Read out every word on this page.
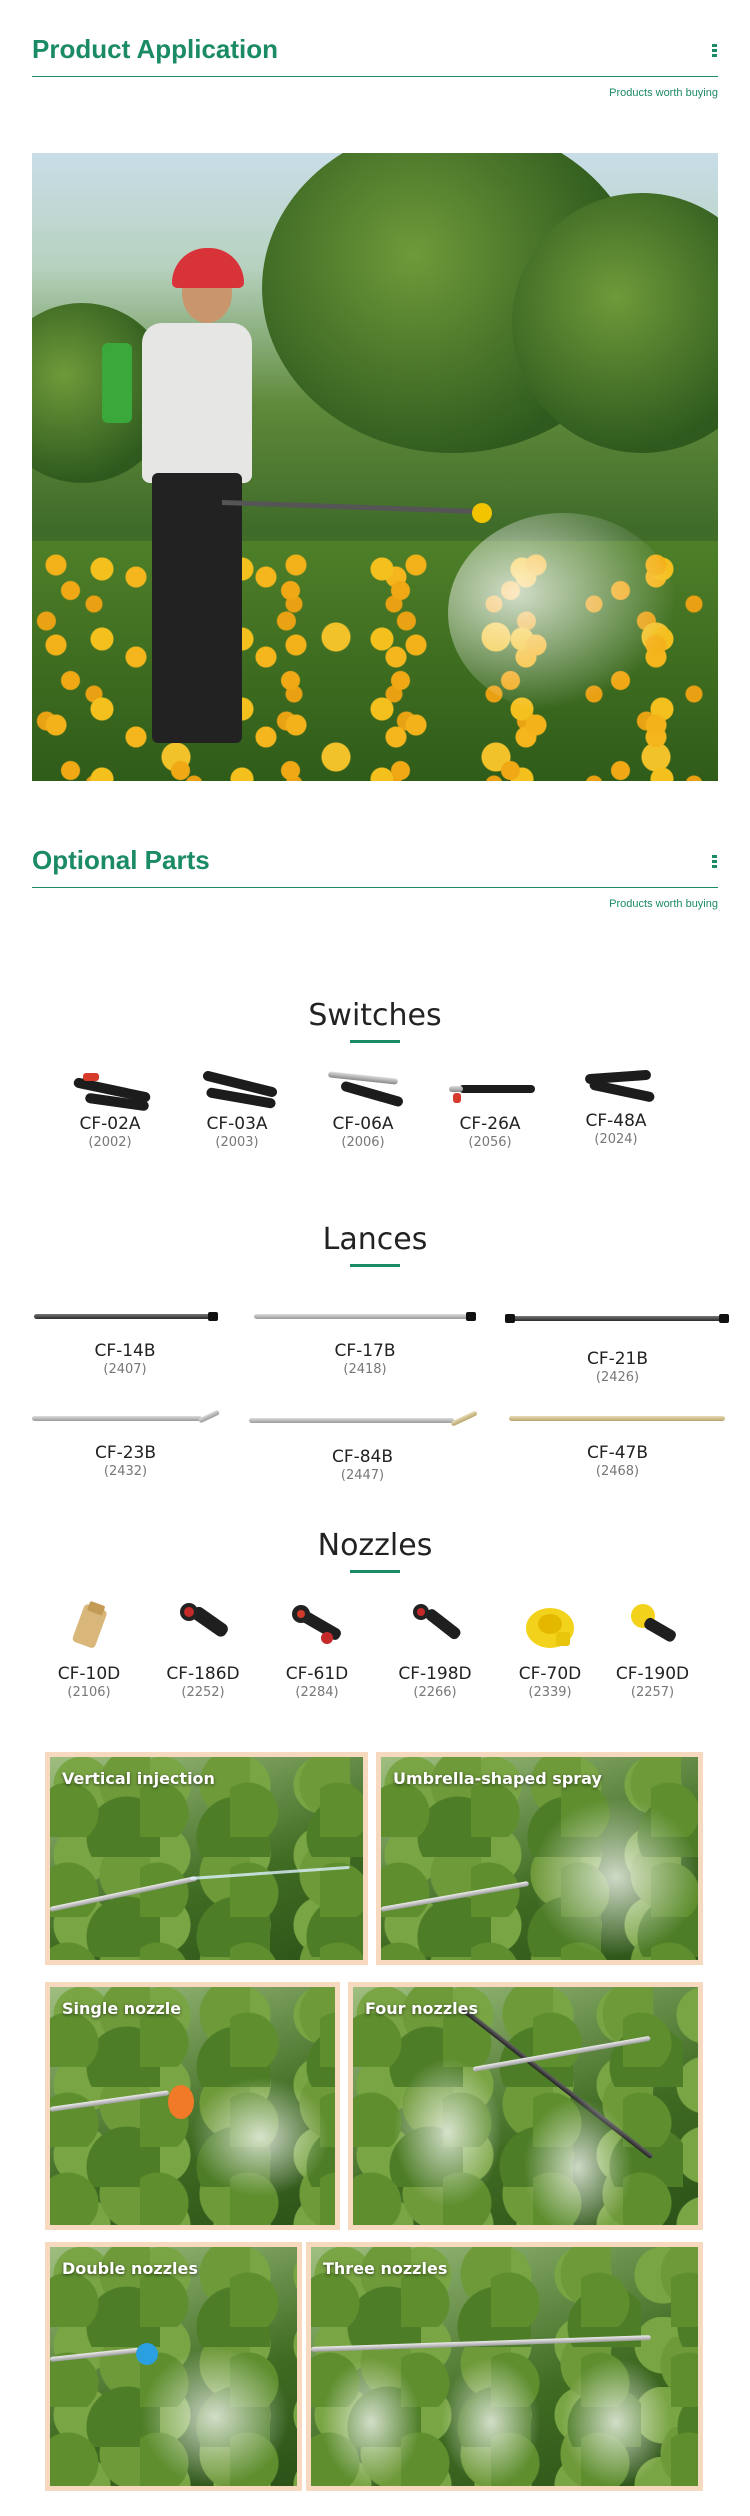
Product Application
Products worth buying
Optional Parts
Products worth buying
Switches
CF-02A
(2002)
CF-03A
(2003)
CF-06A
(2006)
CF-26A
(2056)
CF-48A
(2024)
Lances
CF-14B
(2407)
CF-17B
(2418)
CF-21B
(2426)
CF-23B
(2432)
CF-84B
(2447)
CF-47B
(2468)
Nozzles
CF-10D
(2106)
CF-186D
(2252)
CF-61D
(2284)
CF-198D
(2266)
CF-70D
(2339)
CF-190D
(2257)
Vertical injection	Umbrella-shaped spray
Single nozzle	Four nozzles
Double nozzles	Three nozzles
